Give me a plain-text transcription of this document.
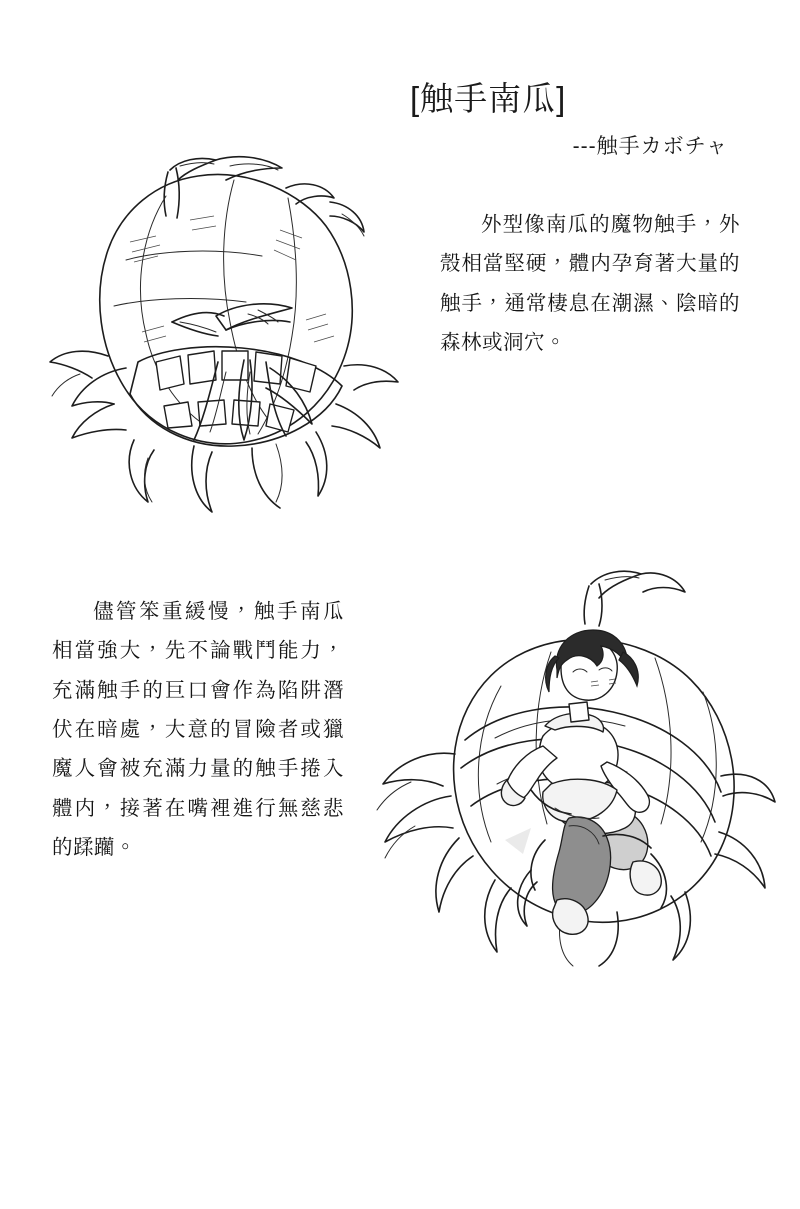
[触手南瓜]
---触手カボチャ
外型像南瓜的魔物触手，外殼相當堅硬，體内孕育著大量的触手，通常棲息在潮濕、陰暗的森林或洞穴。
儘管笨重緩慢，触手南瓜相當強大，先不論戰鬥能力，充滿触手的巨口會作為陷阱潛伏在暗處，大意的冒險者或獵魔人會被充滿力量的触手捲入體内，接著在嘴裡進行無慈悲的蹂躪。
